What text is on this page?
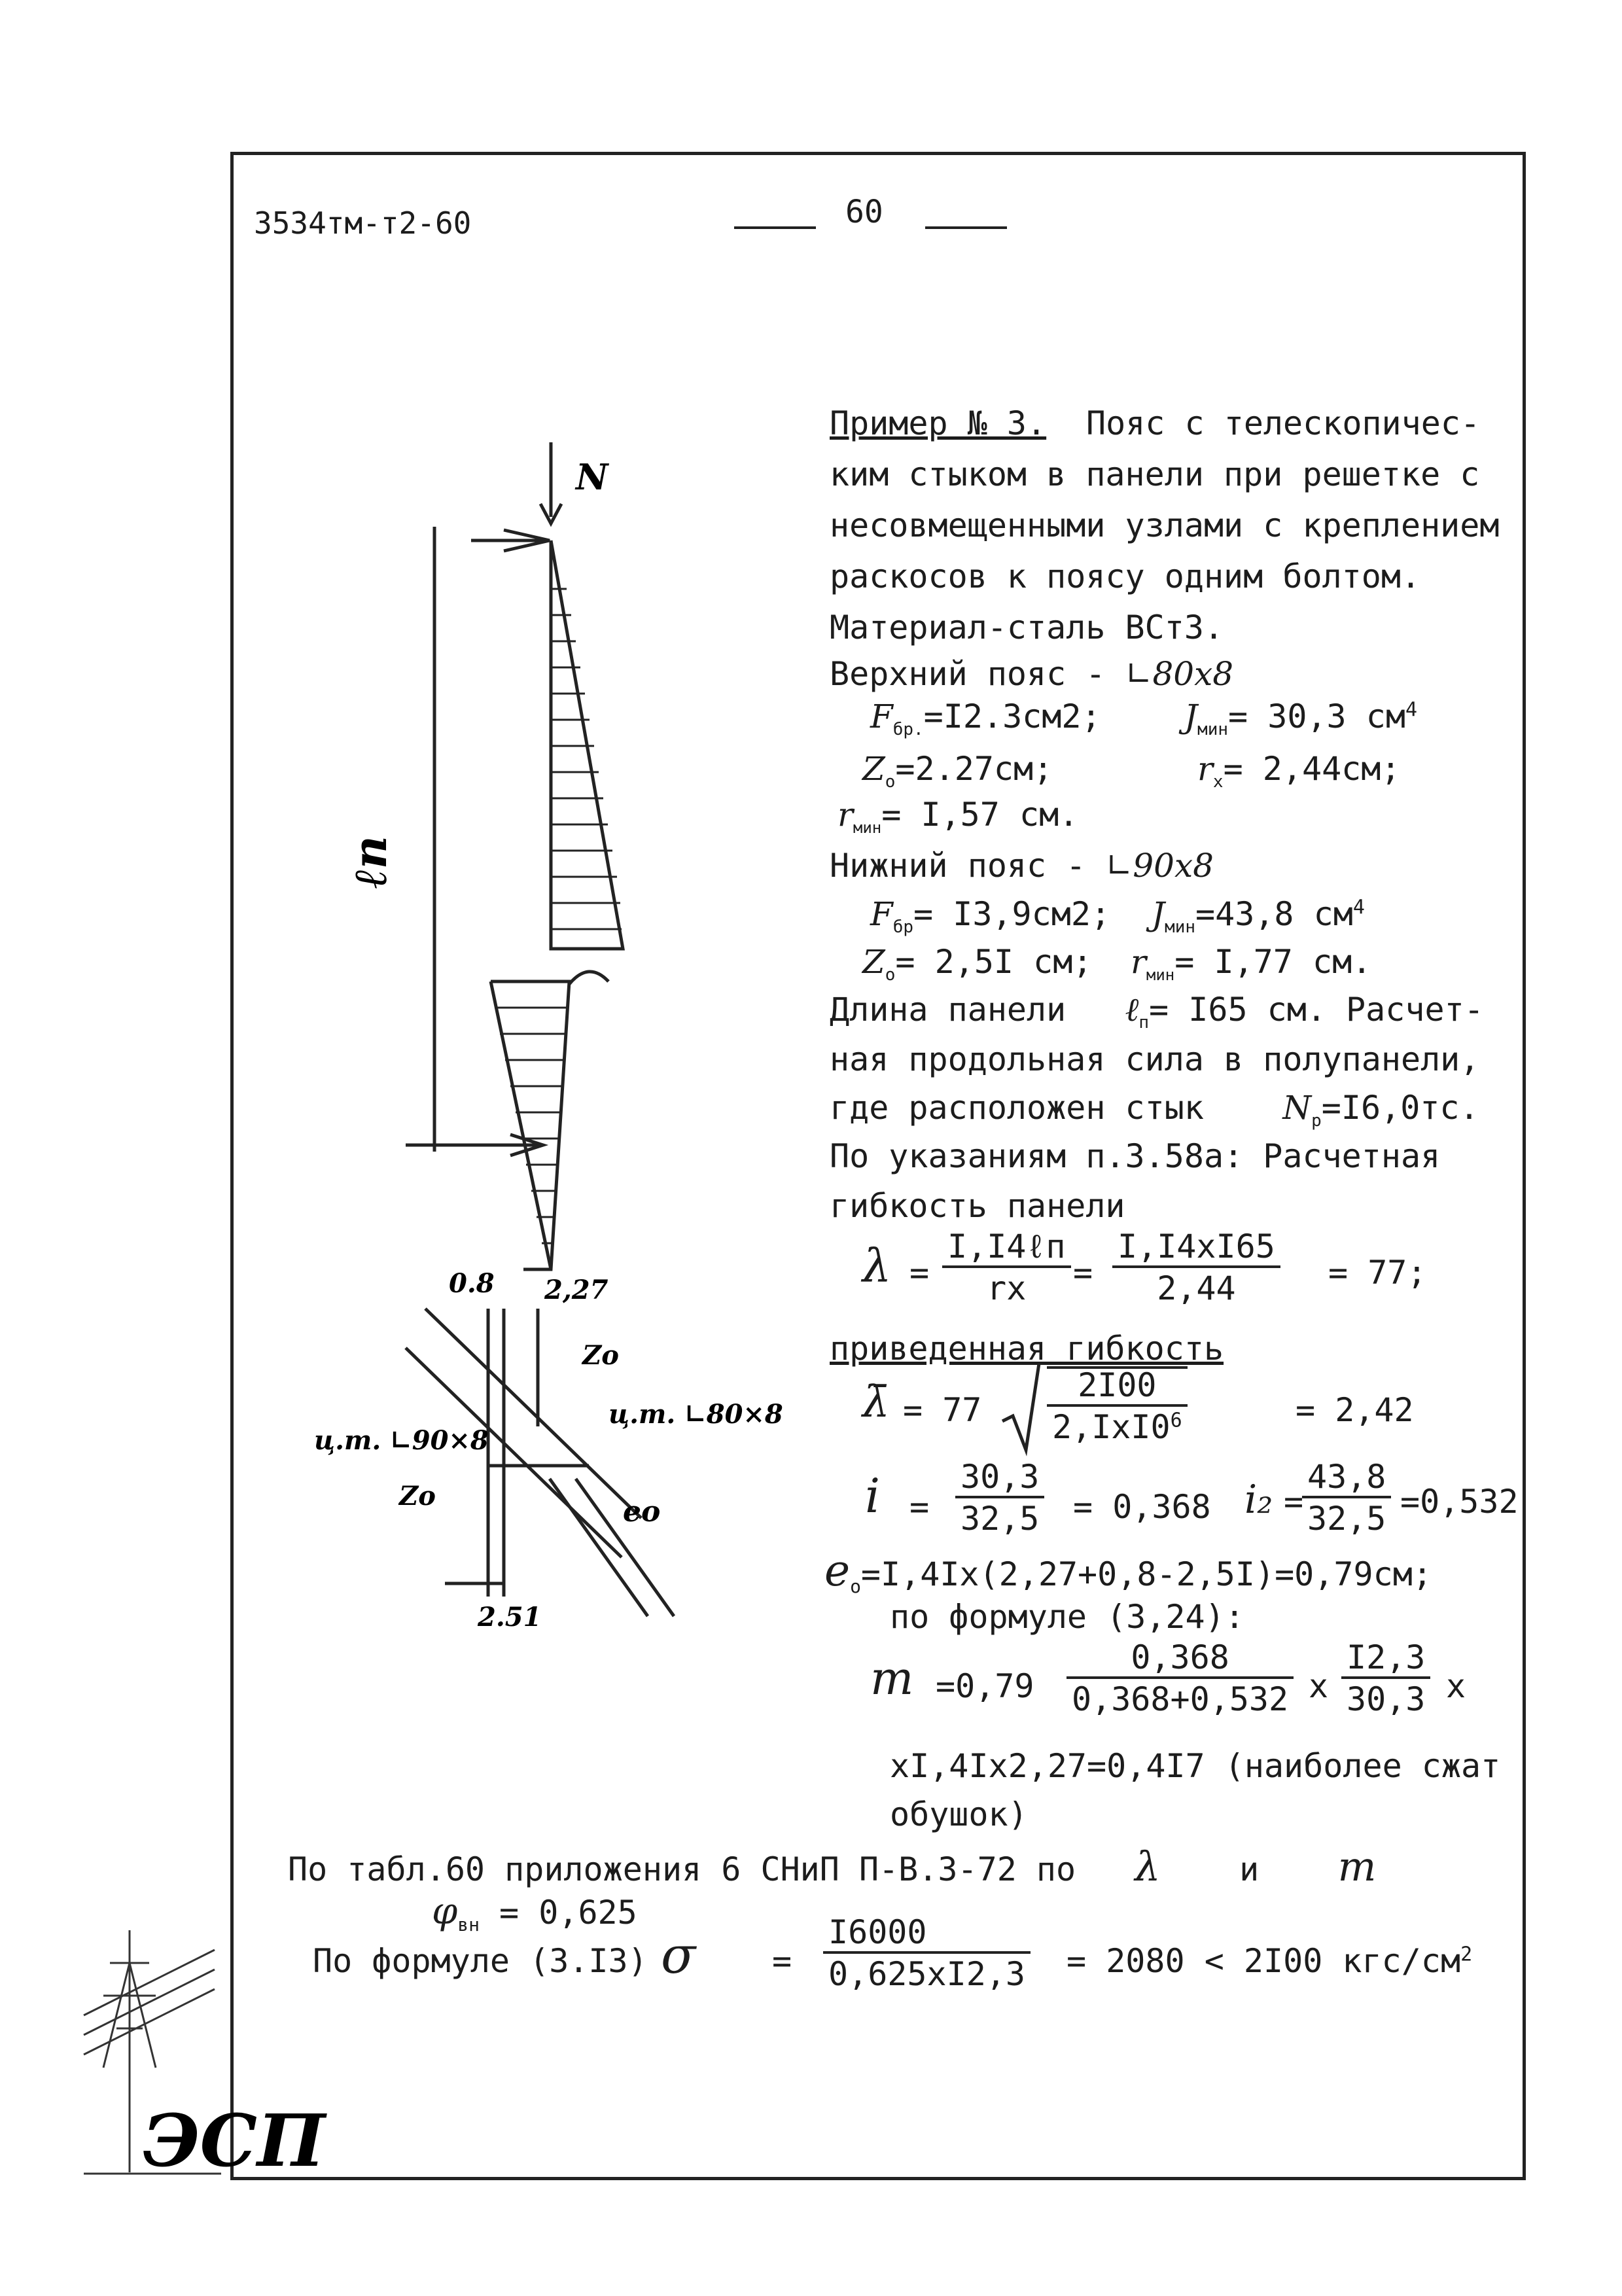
3534тм-т2-60	60
Пример № 3. Пояс с телескопичес-
ким стыком в панели при решетке с
несовмещенными узлами с креплением
раскосов к поясу одним болтом.
Материал-сталь ВСт3.
Верхний пояс - ∟80х8
$F_{бр.}=I2.3см2$;	$J_{мин}= 30,3$ $см^4$
$Z_о=2.27см$;	$r_x= 2,44см$;
$r_{мин}= I,57$ см.
Нижний пояс - ∟90х8
$F_{бр}= I3,9см2$; $J_{мин}=43,8$ $см^4$
$Z_о= 2,5I$ см; $r_{мин}= I,77$ см.
Длина панели ℓ$_п$= I65 см. Расчет-
ная продольная сила в полупанели,
где расположен стык $N_р=I6,0тс$.
По указаниям п.3.58а: Расчетная
гибкость панели
λ =
I,I4ℓп
rx	= $\frac{I,I4xI65}{2,44} = 77$;
приведенная гибкость
λ̄ = 77
2I00
$2,IxI0^6$	= 2,42
$i = \frac{30,3}{32,5} = 0,368$ i₂ =
$\frac{43,8}{32,5} =0,532$
$e_о=I,4Ix(2,27+0,8-2,5I)=0,79см$;
по формуле (3,24):
$m =0,79 \frac{0,368}{0,368+0,532}$ x $\frac{I2,3}{30,3}$ x
xI,4Ix2,27=0,4I7 (наиболее сжат
обушок)
По табл.60 приложения 6 СНиП П-В.3-72 по λ и m
$\varphi_{вн} = 0,625$
По формуле (3.I3) $\sigma = \frac{I6000}{0,625xI2,3} = 2080 < 2I00$ кгс/$см^2$
N
ℓп
0.8 2,27
2.51
ц.т. ∟90×8
ц.т. ∟80×8
Zо
Zо	eо
ЭСП
